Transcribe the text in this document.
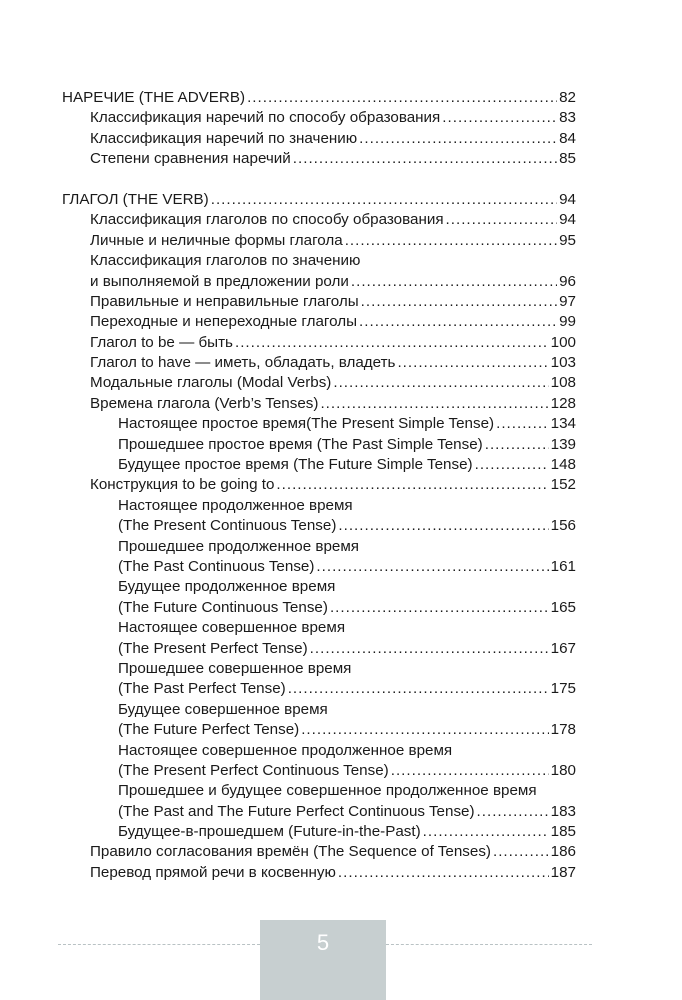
НАРЕЧИЕ (THE ADVERB) .....	82
Классификация наречий по способу образования .....	83
Классификация наречий по значению .....	84
Степени сравнения наречий .....	85
ГЛАГОЛ (THE VERB) .....	94
Классификация глаголов по способу образования .....	94
Личные и неличные формы глагола .....	95
Классификация глаголов по значению
и выполняемой в предложении роли .....	96
Правильные и неправильные глаголы .....	97
Переходные и непереходные глаголы .....	99
Глагол to be — быть .....	100
Глагол to have — иметь, обладать, владеть .....	103
Модальные глаголы (Modal Verbs) .....	108
Времена глагола (Verb’s Tenses) .....	128
Настоящее простое время(The Present Simple Tense) .....	134
Прошедшее простое время (The Past Simple Tense) .....	139
Будущее простое время (The Future Simple Tense) .....	148
Конструкция to be going to .....	152
Настоящее продолженное время
(The Present Continuous Tense) .....	156
Прошедшее продолженное время
(The Past Continuous Tense) .....	161
Будущее продолженное время
(The Future Continuous Tense) .....	165
Настоящее совершенное время
(The Present Perfect Tense) .....	167
Прошедшее совершенное время
(The Past Perfect Tense) .....	175
Будущее совершенное время
(The Future Perfect Tense) .....	178
Настоящее совершенное продолженное время
(The Present Perfect Continuous Tense) .....	180
Прошедшее и будущее совершенное продолженное время
(The Past and The Future Perfect Continuous Tense) .....	183
Будущее-в-прошедшем (Future-in-the-Past) .....	185
Правило согласования времён (The Sequence of Tenses) .....	186
Перевод прямой речи в косвенную .....	187
5
